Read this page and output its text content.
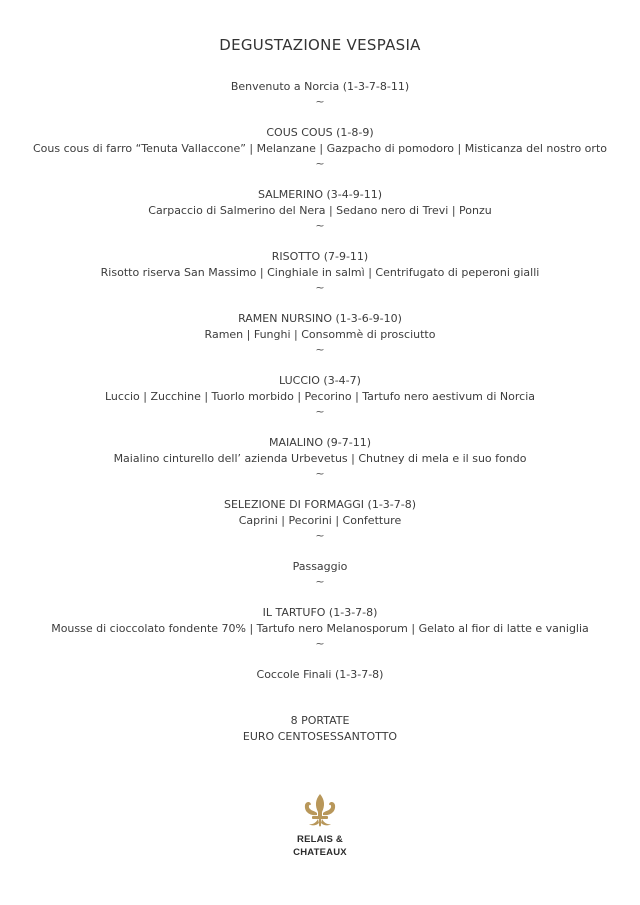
DEGUSTAZIONE VESPASIA
Benvenuto a Norcia (1-3-7-8-11)
~
COUS COUS (1-8-9)
Cous cous di farro “Tenuta Vallaccone” | Melanzane | Gazpacho di pomodoro | Misticanza del nostro orto
~
SALMERINO (3-4-9-11)
Carpaccio di Salmerino del Nera | Sedano nero di Trevi | Ponzu
~
RISOTTO (7-9-11)
Risotto riserva San Massimo | Cinghiale in salmì | Centrifugato di peperoni gialli
~
RAMEN NURSINO (1-3-6-9-10)
Ramen | Funghi | Consommè di prosciutto
~
LUCCIO (3-4-7)
Luccio | Zucchine | Tuorlo morbido | Pecorino | Tartufo nero aestivum di Norcia
~
MAIALINO (9-7-11)
Maialino cinturello dell’ azienda Urbevetus | Chutney di mela e il suo fondo
~
SELEZIONE DI FORMAGGI (1-3-7-8)
Caprini | Pecorini | Confetture
~
Passaggio
~
IL TARTUFO (1-3-7-8)
Mousse di cioccolato fondente 70% | Tartufo nero Melanosporum | Gelato al fior di latte e vaniglia
~
Coccole Finali (1-3-7-8)
8 PORTATE
EURO CENTOSESSANTOTTO
RELAIS &
CHATEAUX
